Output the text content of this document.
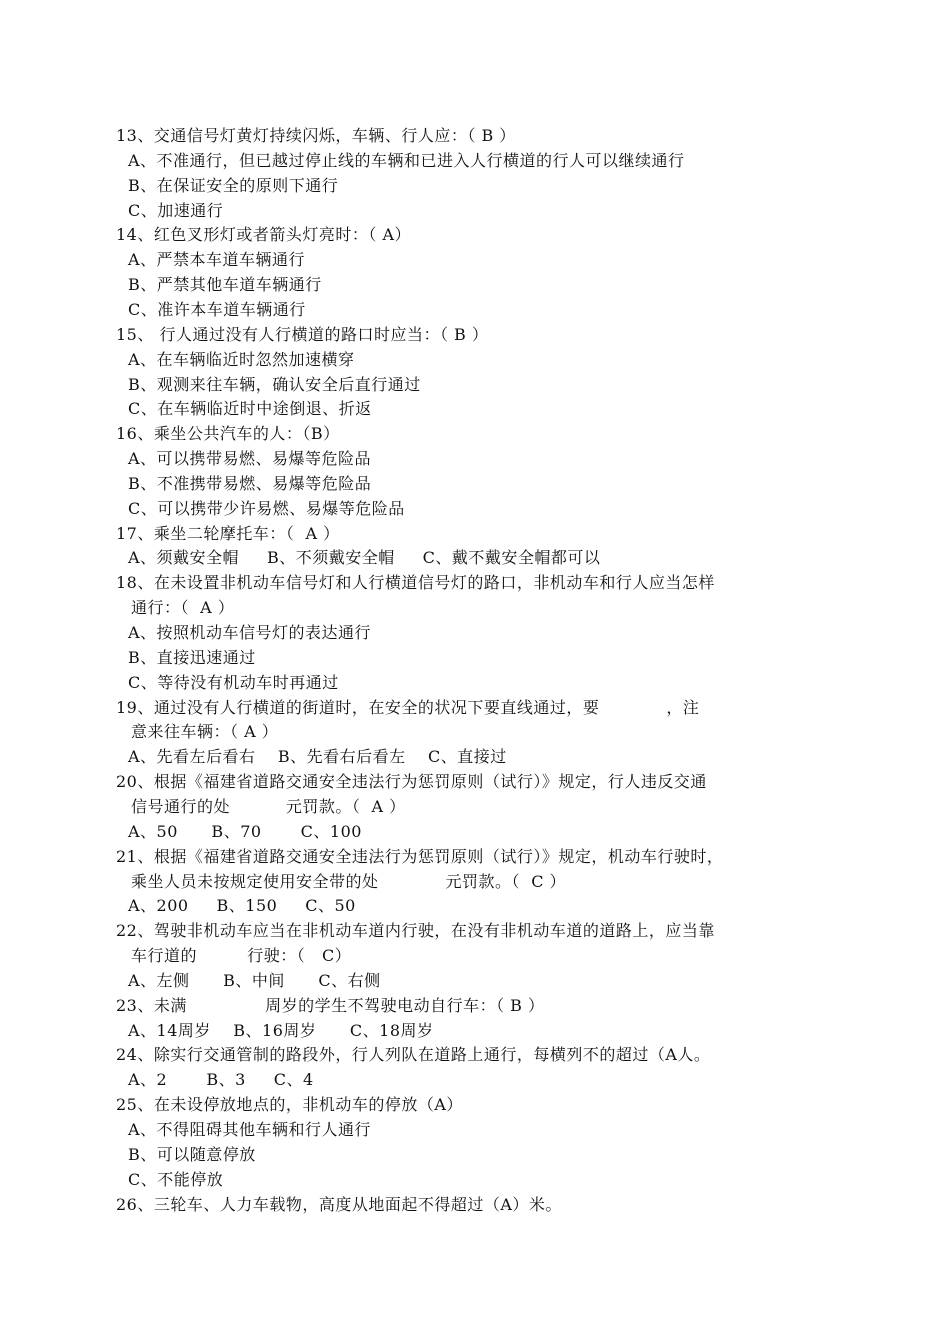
13、交通信号灯黄灯持续闪烁，车辆、行人应：（ B ）
A、不准通行，但已越过停止线的车辆和已进入人行横道的行人可以继续通行
B、在保证安全的原则下通行
C、加速通行
14、红色叉形灯或者箭头灯亮时：（ A）
A、严禁本车道车辆通行
B、严禁其他车道车辆通行
C、准许本车道车辆通行
15、 行人通过没有人行横道的路口时应当：（ B ）
A、在车辆临近时忽然加速横穿
B、观测来往车辆，确认安全后直行通过
C、在车辆临近时中途倒退、折返
16、乘坐公共汽车的人：（B）
A、可以携带易燃、易爆等危险品
B、不准携带易燃、易爆等危险品
C、可以携带少许易燃、易爆等危险品
17、乘坐二轮摩托车：（  A ）
A、须戴安全帽     B、不须戴安全帽     C、戴不戴安全帽都可以
18、在未设置非机动车信号灯和人行横道信号灯的路口，非机动车和行人应当怎样
通行：（  A ）
A、按照机动车信号灯的表达通行
B、直接迅速通过
C、等待没有机动车时再通过
19、通过没有人行横道的街道时，在安全的状况下要直线通过，要            ，注
意来往车辆：（ A ）
A、先看左后看右    B、先看右后看左    C、直接过
20、根据《福建省道路交通安全违法行为惩罚原则（试行）》规定，行人违反交通
信号通行的处          元罚款。（  A ）
A、50      B、70       C、100
21、根据《福建省道路交通安全违法行为惩罚原则（试行）》规定，机动车行驶时，
乘坐人员未按规定使用安全带的处            元罚款。（  C ）
A、200     B、150     C、50
22、驾驶非机动车应当在非机动车道内行驶，在没有非机动车道的道路上，应当靠
车行道的         行驶：（   C）
A、左侧      B、中间      C、右侧
23、未满              周岁的学生不驾驶电动自行车：（ B ）
A、14周岁    B、16周岁      C、18周岁
24、除实行交通管制的路段外，行人列队在道路上通行，每横列不的超过（A人。
A、2       B、3     C、4
25、在未设停放地点的，非机动车的停放（A）
A、不得阻碍其他车辆和行人通行
B、可以随意停放
C、不能停放
26、三轮车、人力车载物，高度从地面起不得超过（A）米。
